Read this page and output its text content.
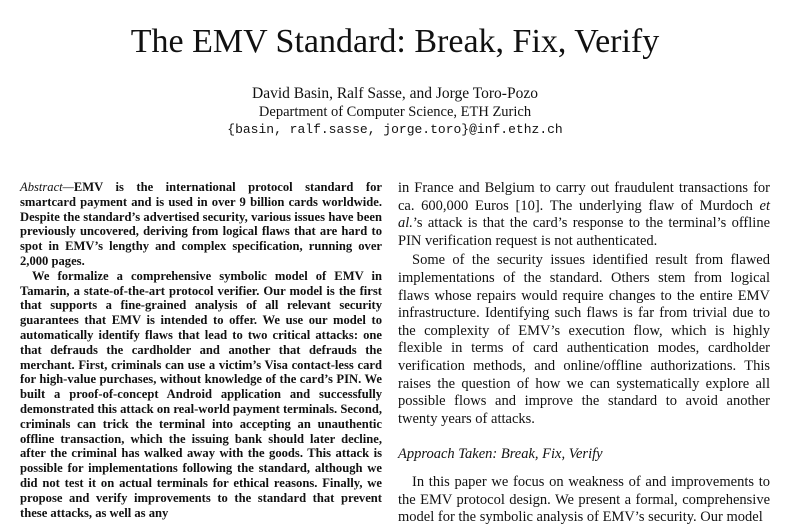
The EMV Standard: Break, Fix, Verify
David Basin, Ralf Sasse, and Jorge Toro-Pozo
Department of Computer Science, ETH Zurich
{basin, ralf.sasse, jorge.toro}@inf.ethz.ch

Abstract—EMV is the international protocol standard for smartcard payment and is used in over 9 billion cards worldwide. Despite the standard’s advertised security, various issues have been previously uncovered, deriving from logical flaws that are hard to spot in EMV’s lengthy and complex specification, running over 2,000 pages.

We formalize a comprehensive symbolic model of EMV in Tamarin, a state-of-the-art protocol verifier. Our model is the first that supports a fine-grained analysis of all relevant security guarantees that EMV is intended to offer. We use our model to automatically identify flaws that lead to two critical attacks: one that defrauds the cardholder and another that defrauds the merchant. First, criminals can use a victim’s Visa contact-less card for high-value purchases, without knowledge of the card’s PIN. We built a proof-of-concept Android application and successfully demonstrated this attack on real-world payment terminals. Second, criminals can trick the terminal into accepting an unauthentic offline transaction, which the issuing bank should later decline, after the criminal has walked away with the goods. This attack is possible for implementations following the standard, although we did not test it on actual terminals for ethical reasons. Finally, we propose and verify improvements to the standard that prevent these attacks, as well as any

in France and Belgium to carry out fraudulent transactions for ca. 600,000 Euros [10]. The underlying flaw of Murdoch et al.’s attack is that the card’s response to the terminal’s offline PIN verification request is not authenticated.

Some of the security issues identified result from flawed implementations of the standard. Others stem from logical flaws whose repairs would require changes to the entire EMV infrastructure. Identifying such flaws is far from trivial due to the complexity of EMV’s execution flow, which is highly flexible in terms of card authentication modes, cardholder verification methods, and online/offline authorizations. This raises the question of how we can systematically explore all possible flows and improve the standard to avoid another twenty years of attacks.

Approach Taken: Break, Fix, Verify

In this paper we focus on weakness of and improvements to the EMV protocol design. We present a formal, comprehensive model for the symbolic analysis of EMV’s security. Our model
